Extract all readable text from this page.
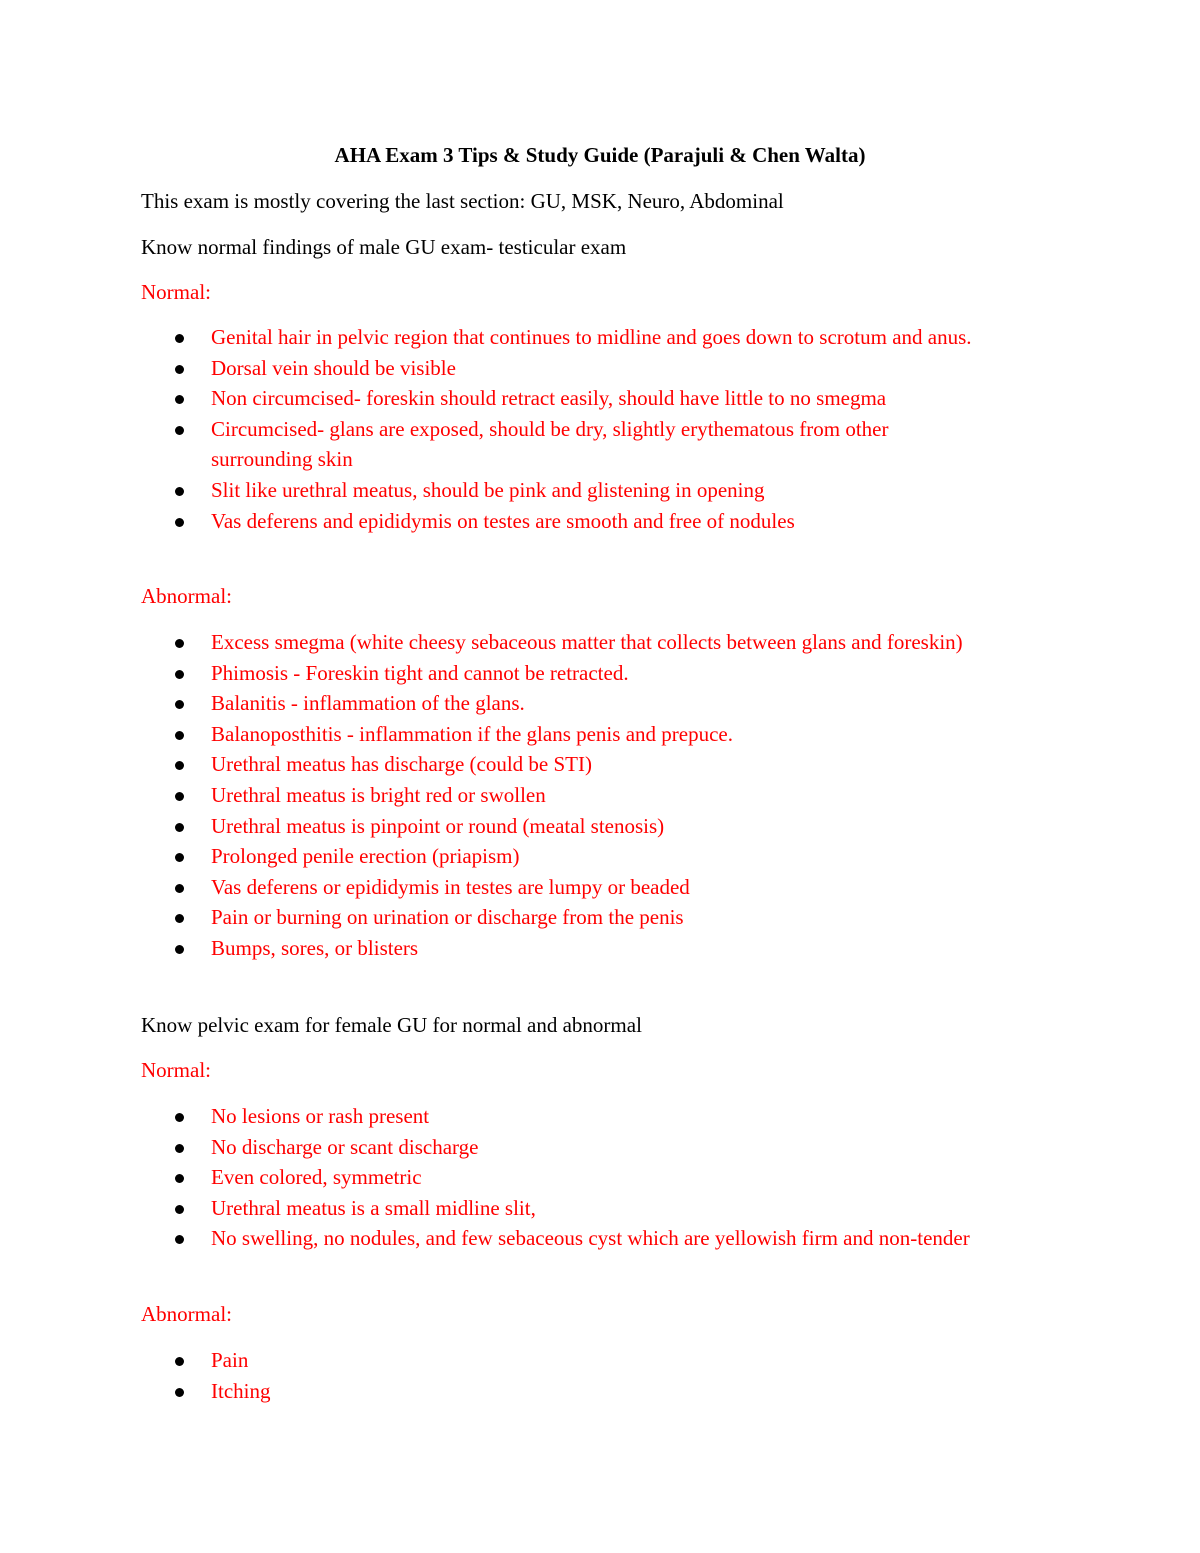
AHA Exam 3 Tips & Study Guide (Parajuli & Chen Walta)

This exam is mostly covering the last section: GU, MSK, Neuro, Abdominal

Know normal findings of male GU exam- testicular exam

Normal:

Genital hair in pelvic region that continues to midline and goes down to scrotum and anus.
Dorsal vein should be visible
Non circumcised- foreskin should retract easily, should have little to no smegma
Circumcised- glans are exposed, should be dry, slightly erythematous from other surrounding skin
Slit like urethral meatus, should be pink and glistening in opening
Vas deferens and epididymis on testes are smooth and free of nodules

Abnormal:

Excess smegma (white cheesy sebaceous matter that collects between glans and foreskin)
Phimosis - Foreskin tight and cannot be retracted.
Balanitis - inflammation of the glans.
Balanoposthitis - inflammation if the glans penis and prepuce.
Urethral meatus has discharge (could be STI)
Urethral meatus is bright red or swollen
Urethral meatus is pinpoint or round (meatal stenosis)
Prolonged penile erection (priapism)
Vas deferens or epididymis in testes are lumpy or beaded
Pain or burning on urination or discharge from the penis
Bumps, sores, or blisters

Know pelvic exam for female GU for normal and abnormal

Normal:

No lesions or rash present
No discharge or scant discharge
Even colored, symmetric
Urethral meatus is a small midline slit,
No swelling, no nodules, and few sebaceous cyst which are yellowish firm and non-tender

Abnormal:

Pain
Itching
